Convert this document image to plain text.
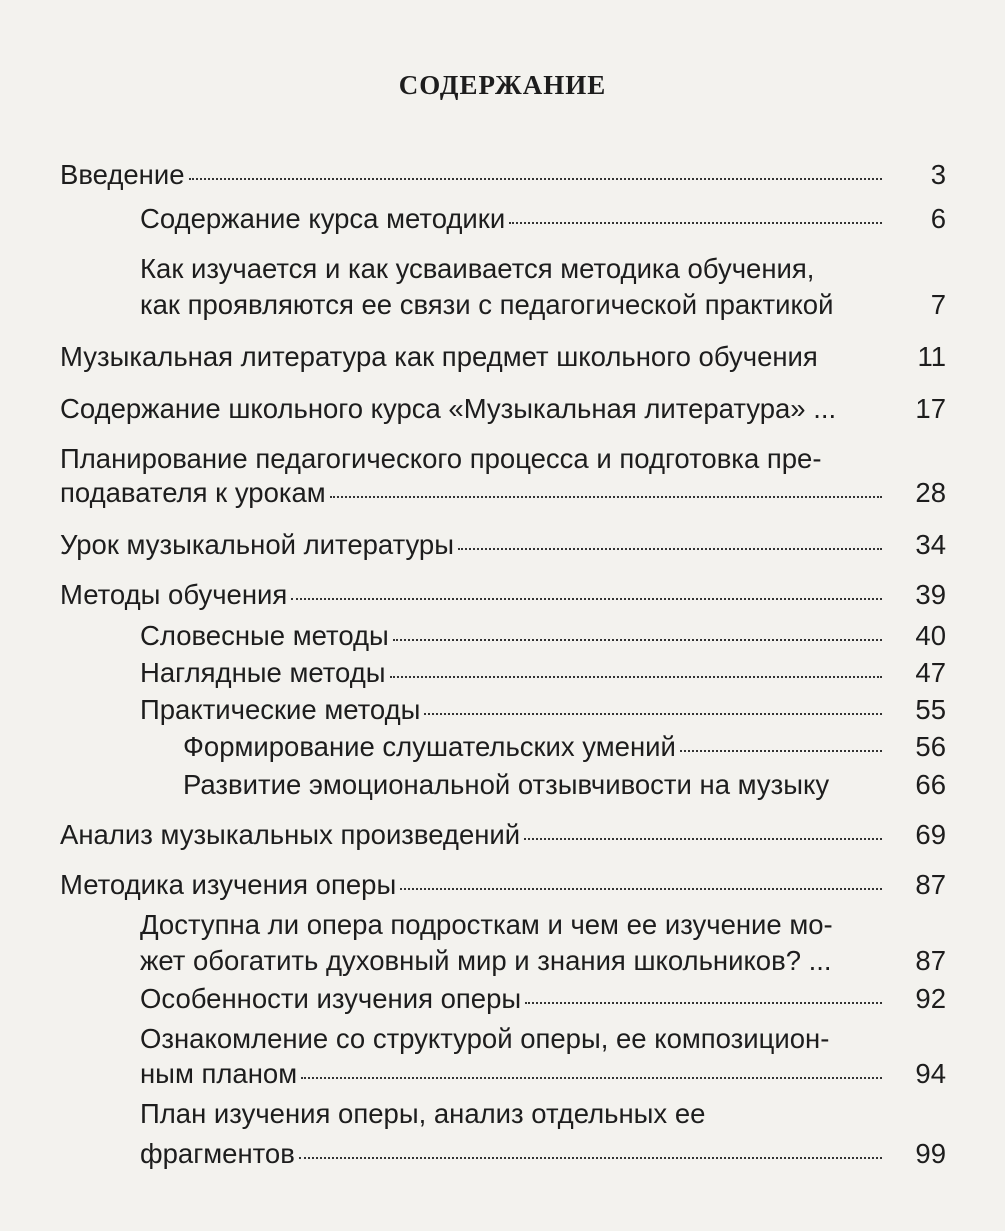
СОДЕРЖАНИЕ
Введение	3
Содержание курса методики	6
Как изучается и как усваивается методика обучения,
как проявляются ее связи с педагогической практикой	7
Музыкальная литература как предмет школьного обучения	11
Содержание школьного курса «Музыкальная литература» ...	17
Планирование педагогического процесса и подготовка пре-
подавателя к урокам	28
Урок музыкальной литературы	34
Методы обучения	39
Словесные методы	40
Наглядные методы	47
Практические методы	55
Формирование слушательских умений	56
Развитие эмоциональной отзывчивости на музыку	66
Анализ музыкальных произведений	69
Методика изучения оперы	87
Доступна ли опера подросткам и чем ее изучение мо-
жет обогатить духовный мир и знания школьников? ...	87
Особенности изучения оперы	92
Ознакомление со структурой оперы, ее композицион-
ным планом	94
План изучения оперы, анализ отдельных ее
фрагментов	99
